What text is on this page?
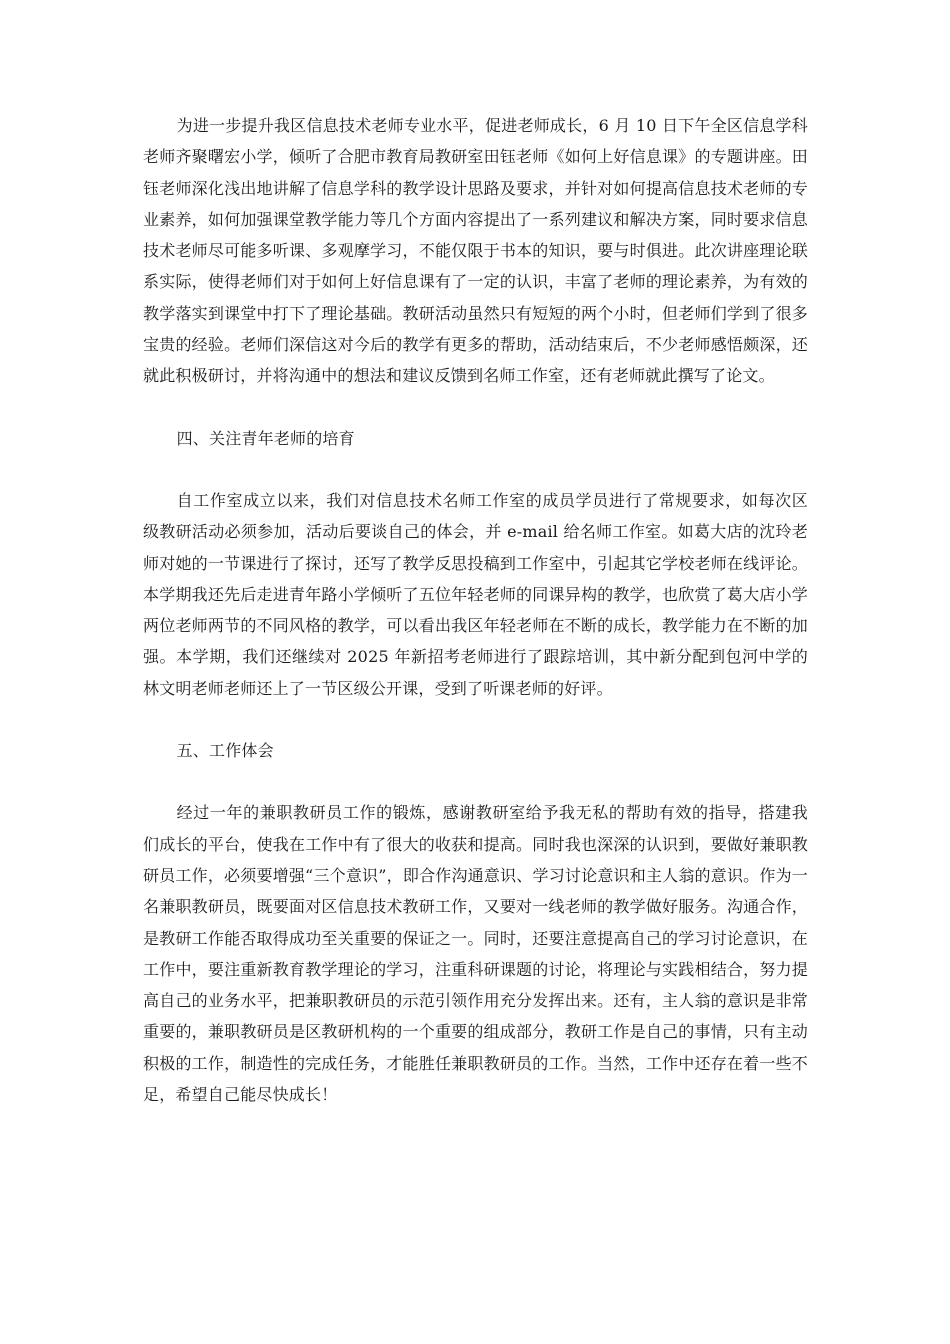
为进一步提升我区信息技术老师专业水平，促进老师成长，6 月 10 日下午全区信息学科老师齐聚曙宏小学，倾听了合肥市教育局教研室田钰老师《如何上好信息课》的专题讲座。田钰老师深化浅出地讲解了信息学科的教学设计思路及要求，并针对如何提高信息技术老师的专业素养，如何加强课堂教学能力等几个方面内容提出了一系列建议和解决方案，同时要求信息技术老师尽可能多听课、多观摩学习，不能仅限于书本的知识，要与时俱进。此次讲座理论联系实际，使得老师们对于如何上好信息课有了一定的认识，丰富了老师的理论素养，为有效的教学落实到课堂中打下了理论基础。教研活动虽然只有短短的两个小时，但老师们学到了很多宝贵的经验。老师们深信这对今后的教学有更多的帮助，活动结束后，不少老师感悟颇深，还就此积极研讨，并将沟通中的想法和建议反馈到名师工作室，还有老师就此撰写了论文。

四、关注青年老师的培育

自工作室成立以来，我们对信息技术名师工作室的成员学员进行了常规要求，如每次区级教研活动必须参加，活动后要谈自己的体会，并 e-mail 给名师工作室。如葛大店的沈玲老师对她的一节课进行了探讨，还写了教学反思投稿到工作室中，引起其它学校老师在线评论。本学期我还先后走进青年路小学倾听了五位年轻老师的同课异构的教学，也欣赏了葛大店小学两位老师两节的不同风格的教学，可以看出我区年轻老师在不断的成长，教学能力在不断的加强。本学期，我们还继续对 2025 年新招考老师进行了跟踪培训，其中新分配到包河中学的林文明老师老师还上了一节区级公开课，受到了听课老师的好评。

五、工作体会

经过一年的兼职教研员工作的锻炼，感谢教研室给予我无私的帮助有效的指导，搭建我们成长的平台，使我在工作中有了很大的收获和提高。同时我也深深的认识到，要做好兼职教研员工作，必须要增强“三个意识”，即合作沟通意识、学习讨论意识和主人翁的意识。作为一名兼职教研员，既要面对区信息技术教研工作，又要对一线老师的教学做好服务。沟通合作，是教研工作能否取得成功至关重要的保证之一。同时，还要注意提高自己的学习讨论意识，在工作中，要注重新教育教学理论的学习，注重科研课题的讨论，将理论与实践相结合，努力提高自己的业务水平，把兼职教研员的示范引领作用充分发挥出来。还有，主人翁的意识是非常重要的，兼职教研员是区教研机构的一个重要的组成部分，教研工作是自己的事情，只有主动积极的工作，制造性的完成任务，才能胜任兼职教研员的工作。当然，工作中还存在着一些不足，希望自己能尽快成长！
